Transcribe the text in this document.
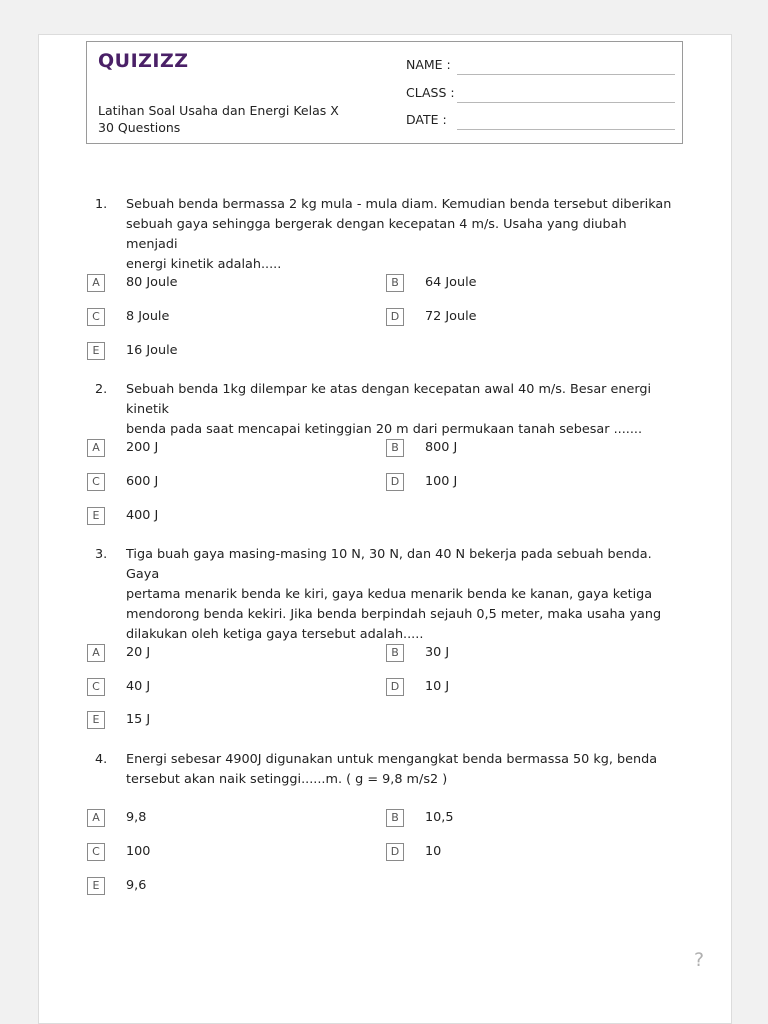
QUIZIZZ
Latihan Soal Usaha dan Energi Kelas X
30 Questions
NAME :
CLASS :
DATE :
1. Sebuah benda bermassa 2 kg mula - mula diam. Kemudian benda tersebut diberikan
sebuah gaya sehingga bergerak dengan kecepatan 4 m/s. Usaha yang diubah menjadi
energi kinetik adalah.....
A	80 Joule	B	64 Joule
C	8 Joule	D	72 Joule
E	16 Joule
2. Sebuah benda 1kg dilempar ke atas dengan kecepatan awal 40 m/s. Besar energi kinetik
benda pada saat mencapai ketinggian 20 m dari permukaan tanah sebesar .......
A	200 J	B	800 J
C	600 J	D	100 J
E	400 J
3. Tiga buah gaya masing-masing 10 N, 30 N, dan 40 N bekerja pada sebuah benda. Gaya
pertama menarik benda ke kiri, gaya kedua menarik benda ke kanan, gaya ketiga
mendorong benda kekiri. Jika benda berpindah sejauh 0,5 meter, maka usaha yang
dilakukan oleh ketiga gaya tersebut adalah.....
A	20 J	B	30 J
C	40 J	D	10 J
E	15 J
4. Energi sebesar 4900J digunakan untuk mengangkat benda bermassa 50 kg, benda
tersebut akan naik setinggi......m. ( g = 9,8 m/s2 )
A	9,8	B	10,5
C	100	D	10
E	9,6
?
